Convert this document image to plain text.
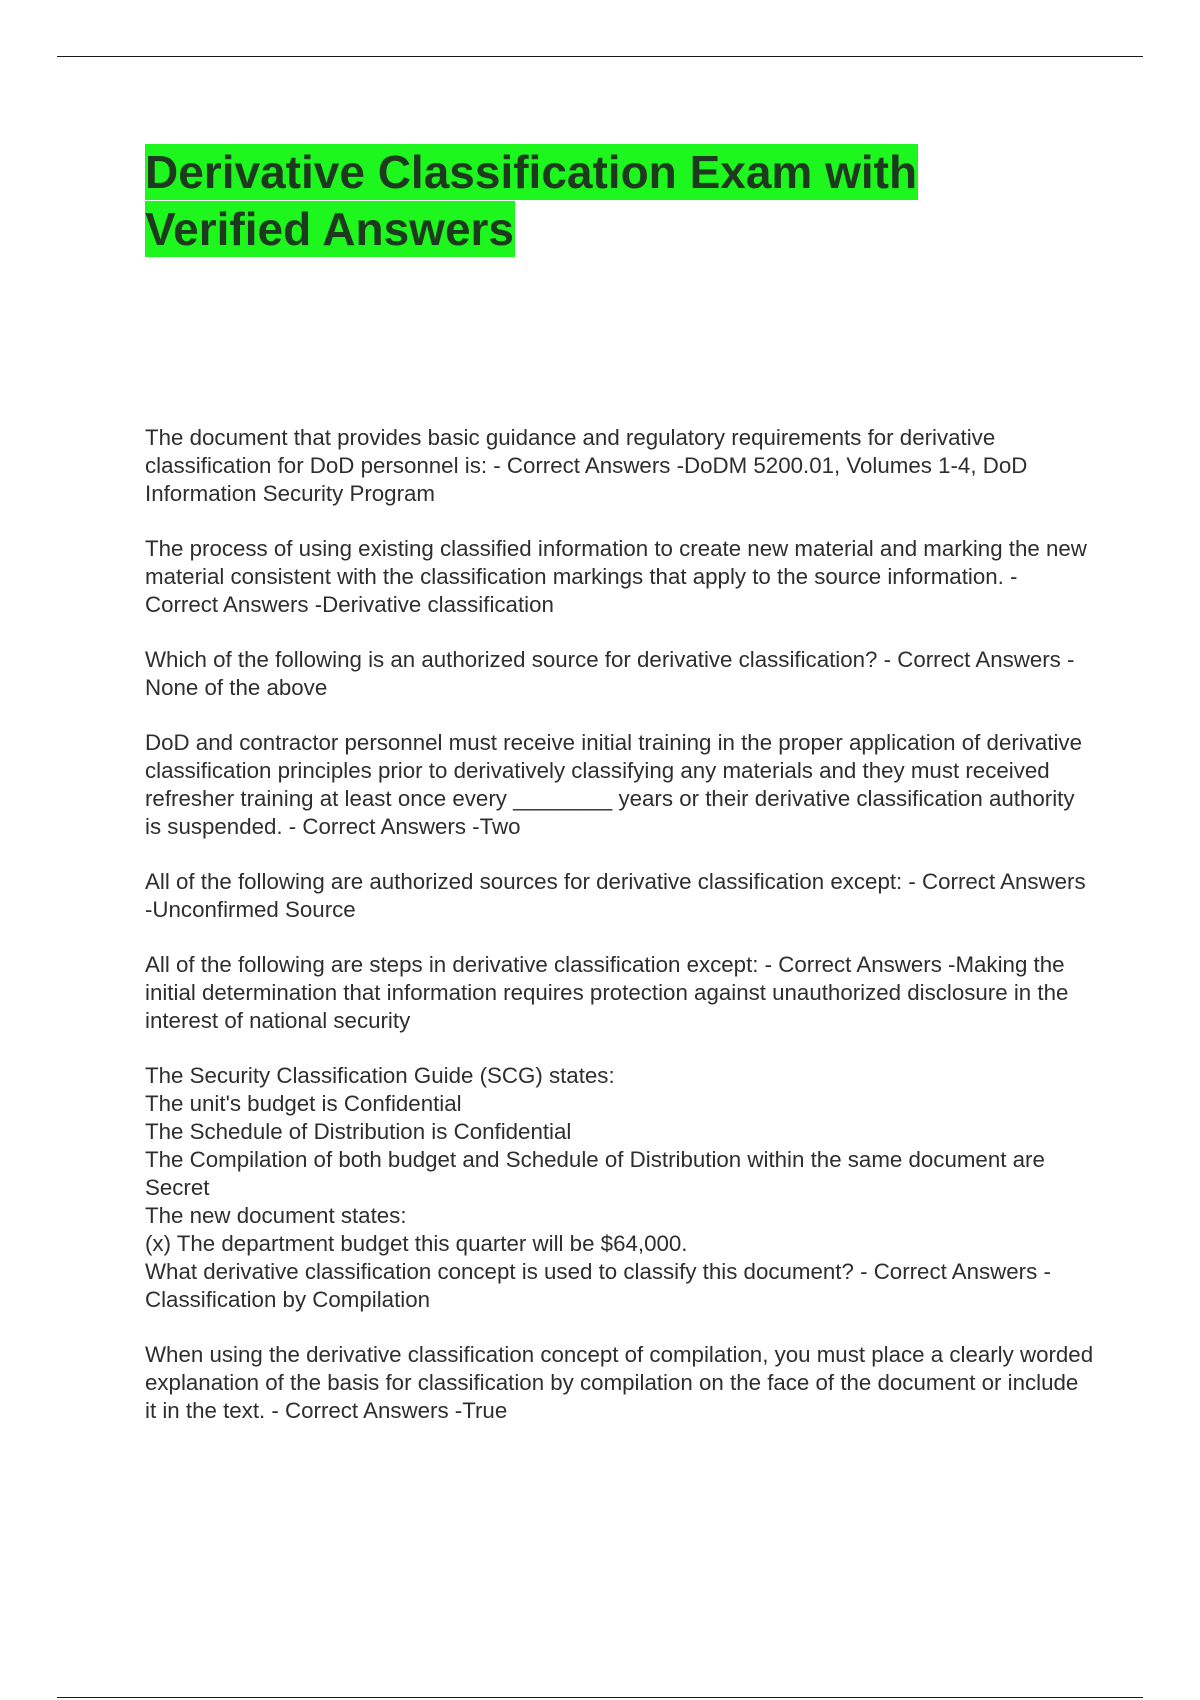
Derivative Classification Exam with Verified Answers

The document that provides basic guidance and regulatory requirements for derivative classification for DoD personnel is: - Correct Answers -DoDM 5200.01, Volumes 1-4, DoD Information Security Program

The process of using existing classified information to create new material and marking the new material consistent with the classification markings that apply to the source information. - Correct Answers -Derivative classification

Which of the following is an authorized source for derivative classification? - Correct Answers -None of the above

DoD and contractor personnel must receive initial training in the proper application of derivative classification principles prior to derivatively classifying any materials and they must received refresher training at least once every ________ years or their derivative classification authority is suspended. - Correct Answers -Two

All of the following are authorized sources for derivative classification except: - Correct Answers -Unconfirmed Source

All of the following are steps in derivative classification except: - Correct Answers -Making the initial determination that information requires protection against unauthorized disclosure in the interest of national security

The Security Classification Guide (SCG) states:
The unit's budget is Confidential
The Schedule of Distribution is Confidential
The Compilation of both budget and Schedule of Distribution within the same document are Secret
The new document states:
(x) The department budget this quarter will be $64,000.
What derivative classification concept is used to classify this document? - Correct Answers -Classification by Compilation

When using the derivative classification concept of compilation, you must place a clearly worded explanation of the basis for classification by compilation on the face of the document or include it in the text. - Correct Answers -True
